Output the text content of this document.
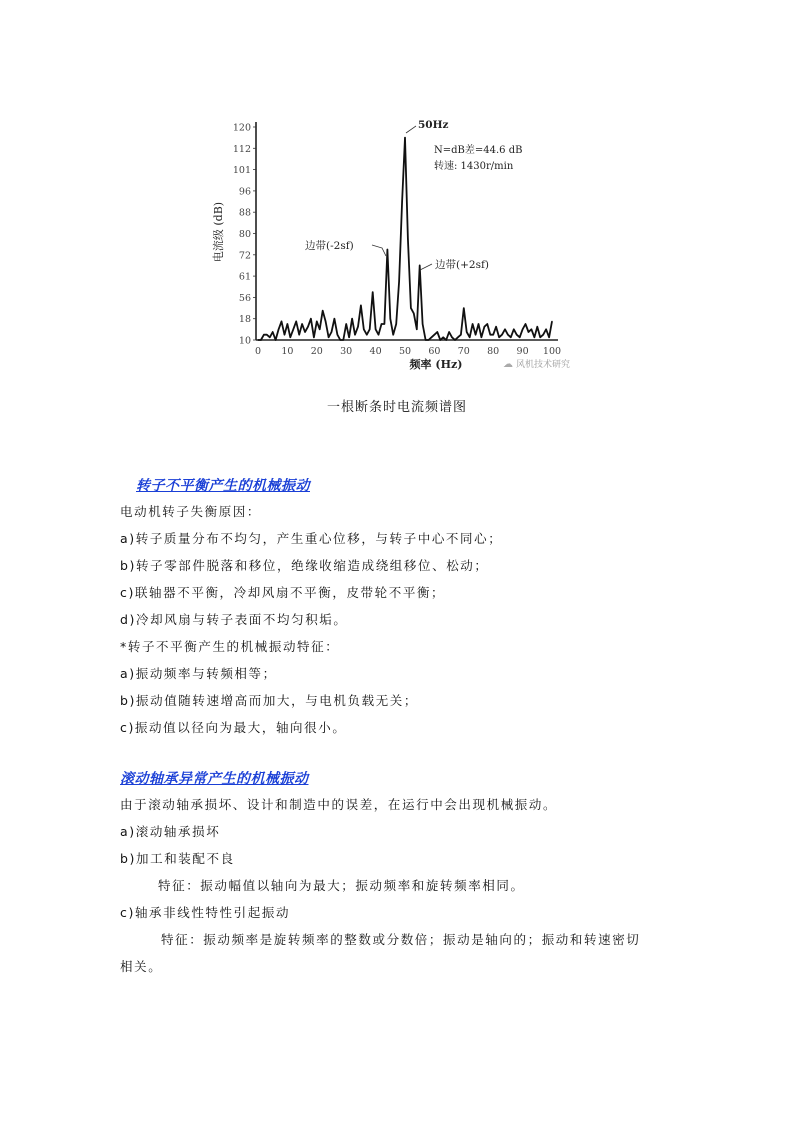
10
18
56
61
72
80
88
96
101
112
120
0 10 20 30 40 50 60 70 80 90 100
电流级 (dB)
频率 (Hz)
50Hz
N=dB差=44.6 dB
转速: 1430r/min
边带(-2sf)
边带(+2sf)
☁ 风机技术研究
一根断条时电流频谱图
转子不平衡产生的机械振动
电动机转子失衡原因：
a)转子质量分布不均匀，产生重心位移，与转子中心不同心；
b)转子零部件脱落和移位，绝缘收缩造成绕组移位、松动；
c)联轴器不平衡，冷却风扇不平衡，皮带轮不平衡；
d)冷却风扇与转子表面不均匀积垢。
*转子不平衡产生的机械振动特征：
a)振动频率与转频相等；
b)振动值随转速增高而加大，与电机负载无关；
c)振动值以径向为最大，轴向很小。
滚动轴承异常产生的机械振动
由于滚动轴承损坏、设计和制造中的误差，在运行中会出现机械振动。
a)滚动轴承损坏
b)加工和装配不良
特征：振动幅值以轴向为最大；振动频率和旋转频率相同。
c)轴承非线性特性引起振动
特征：振动频率是旋转频率的整数或分数倍；振动是轴向的；振动和转速密切
相关。
